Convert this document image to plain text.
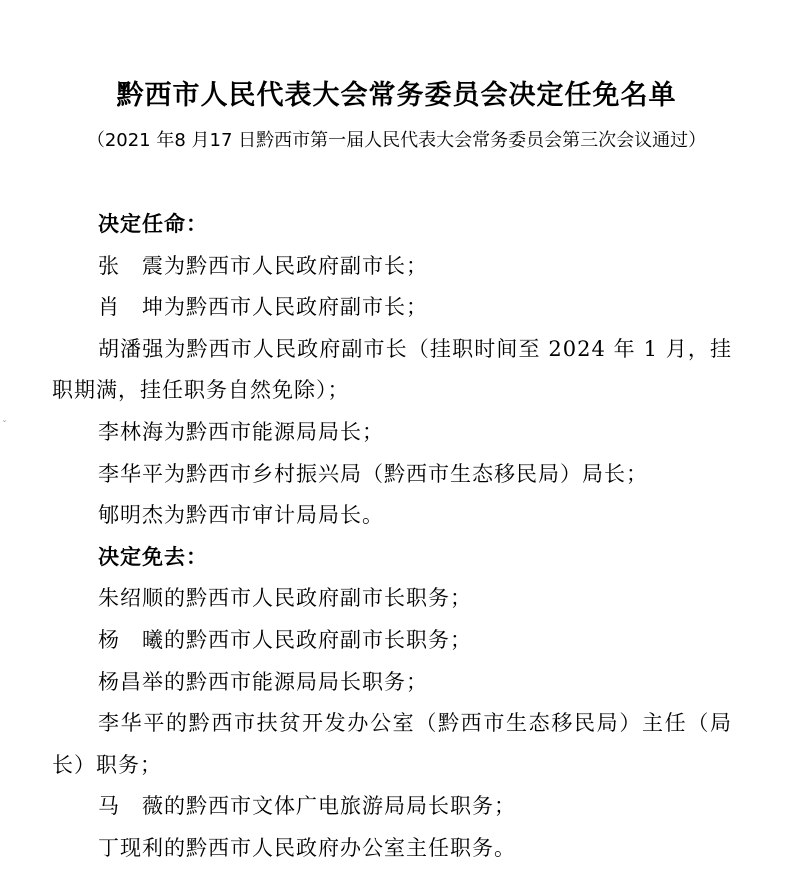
黔西市人民代表大会常务委员会决定任免名单
（2021 年8 月17 日黔西市第一届人民代表大会常务委员会第三次会议通过）
ˇ

决定任命：

张　震为黔西市人民政府副市长；

肖　坤为黔西市人民政府副市长；

胡潘强为黔西市人民政府副市长（挂职时间至 2024 年 1 月，挂职期满，挂任职务自然免除）；

李林海为黔西市能源局局长；

李华平为黔西市乡村振兴局（黔西市生态移民局）局长；

郇明杰为黔西市审计局局长。

决定免去：

朱绍顺的黔西市人民政府副市长职务；

杨　曦的黔西市人民政府副市长职务；

杨昌举的黔西市能源局局长职务；

李华平的黔西市扶贫开发办公室（黔西市生态移民局）主任（局长）职务；

马　薇的黔西市文体广电旅游局局长职务；

丁现利的黔西市人民政府办公室主任职务。
